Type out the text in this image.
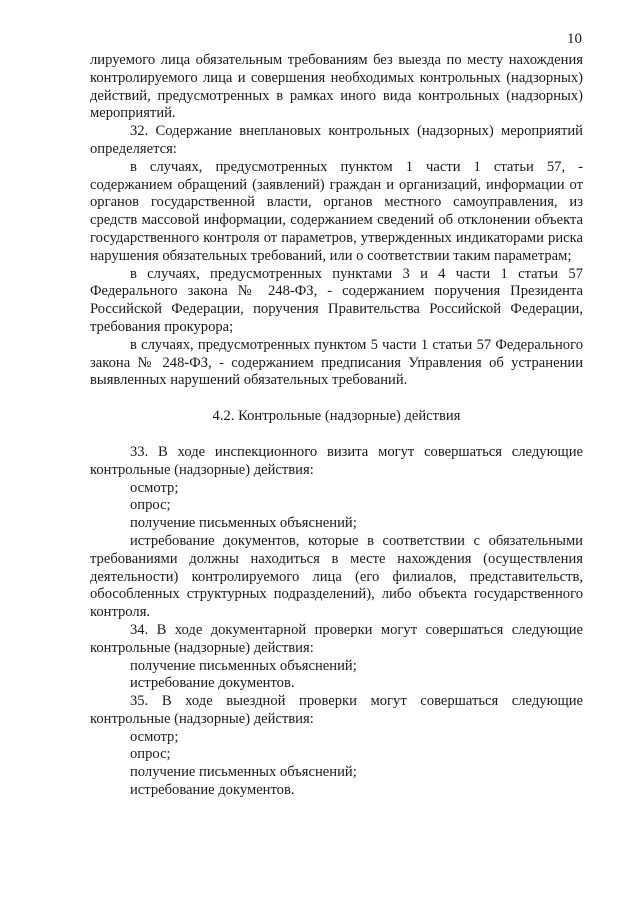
10

лируемого лица обязательным требованиям без выезда по месту нахождения контролируемого лица и совершения необходимых контрольных (надзорных) действий, предусмотренных в рамках иного вида контрольных (надзорных) мероприятий.

32. Содержание внеплановых контрольных (надзорных) мероприятий определяется:

в случаях, предусмотренных пунктом 1 части 1 статьи 57, - содержанием обращений (заявлений) граждан и организаций, информации от органов государственной власти, органов местного самоуправления, из средств массовой информации, содержанием сведений об отклонении объекта государственного контроля от параметров, утвержденных индикаторами риска нарушения обязательных требований, или о соответствии таким параметрам;

в случаях, предусмотренных пунктами 3 и 4 части 1 статьи 57 Федерального закона № 248-ФЗ, - содержанием поручения Президента Российской Федерации, поручения Правительства Российской Федерации, требования прокурора;

в случаях, предусмотренных пунктом 5 части 1 статьи 57 Федерального закона № 248-ФЗ, - содержанием предписания Управления об устранении выявленных нарушений обязательных требований.

4.2. Контрольные (надзорные) действия

33. В ходе инспекционного визита могут совершаться следующие контрольные (надзорные) действия:

осмотр;

опрос;

получение письменных объяснений;

истребование документов, которые в соответствии с обязательными требованиями должны находиться в месте нахождения (осуществления деятельности) контролируемого лица (его филиалов, представительств, обособленных структурных подразделений), либо объекта государственного контроля.

34. В ходе документарной проверки могут совершаться следующие контрольные (надзорные) действия:

получение письменных объяснений;

истребование документов.

35. В ходе выездной проверки могут совершаться следующие контрольные (надзорные) действия:

осмотр;

опрос;

получение письменных объяснений;

истребование документов.
